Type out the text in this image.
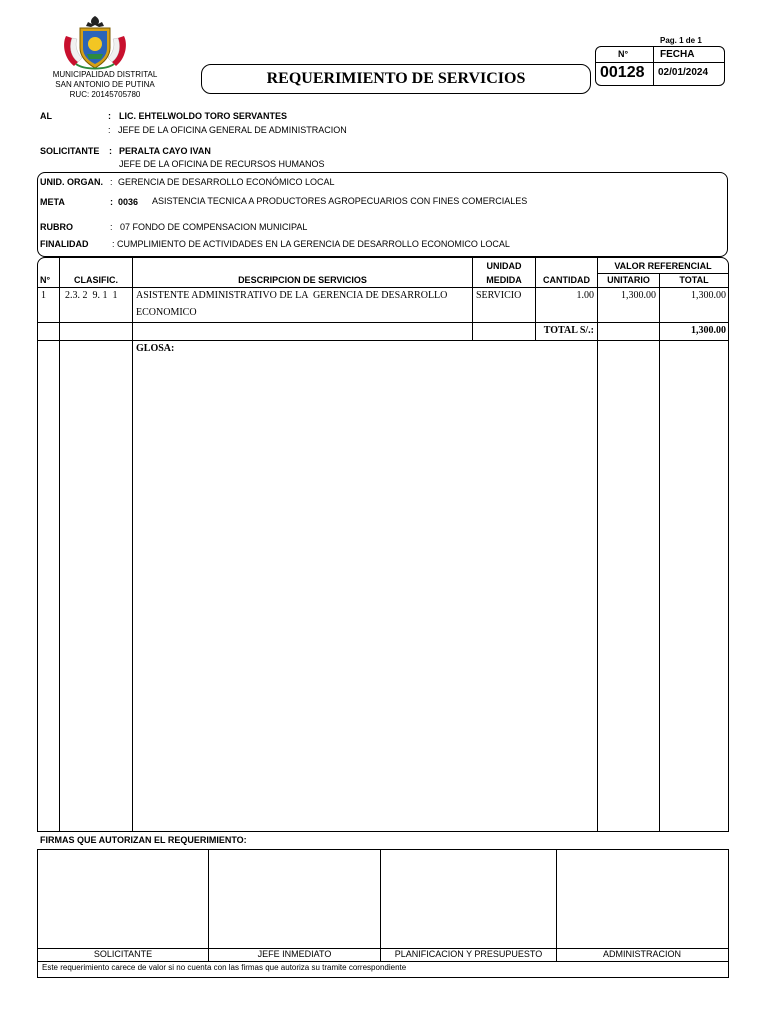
MUNICIPALIDAD DISTRITAL
SAN ANTONIO DE PUTINA
RUC: 20145705780
REQUERIMIENTO DE SERVICIOS
Pag. 1 de 1
N°	FECHA
00128 02/01/2024
AL	: LIC. EHTELWOLDO TORO SERVANTES
: JEFE DE LA OFICINA GENERAL DE ADMINISTRACION
SOLICITANTE : PERALTA CAYO IVAN
JEFE DE LA OFICINA DE RECURSOS HUMANOS
UNID. ORGAN. : GERENCIA DE DESARROLLO ECONÓMICO LOCAL
META	: 0036 ASISTENCIA TECNICA A PRODUCTORES AGROPECUARIOS CON FINES COMERCIALES
RUBRO	: 07 FONDO DE COMPENSACION MUNICIPAL
FINALIDAD	: CUMPLIMIENTO DE ACTIVIDADES EN LA GERENCIA DE DESARROLLO ECONOMICO LOCAL
N°	CLASIFIC.	DESCRIPCION DE SERVICIOS
UNIDAD
MEDIDA	CANTIDAD
VALOR REFERENCIAL
UNITARIO	TOTAL
1 2.3. 2  9. 1  1 ASISTENTE ADMINISTRATIVO DE LA  GERENCIA DE DESARROLLO
ECONOMICO
SERVICIO	1.00	1,300.00	1,300.00
TOTAL S/.:	1,300.00
GLOSA:
FIRMAS QUE AUTORIZAN EL REQUERIMIENTO:
SOLICITANTE	JEFE INMEDIATO	PLANIFICACION Y PRESUPUESTO	ADMINISTRACION
Este requerimiento carece de valor si no cuenta con las firmas que autoriza su tramite correspondiente
